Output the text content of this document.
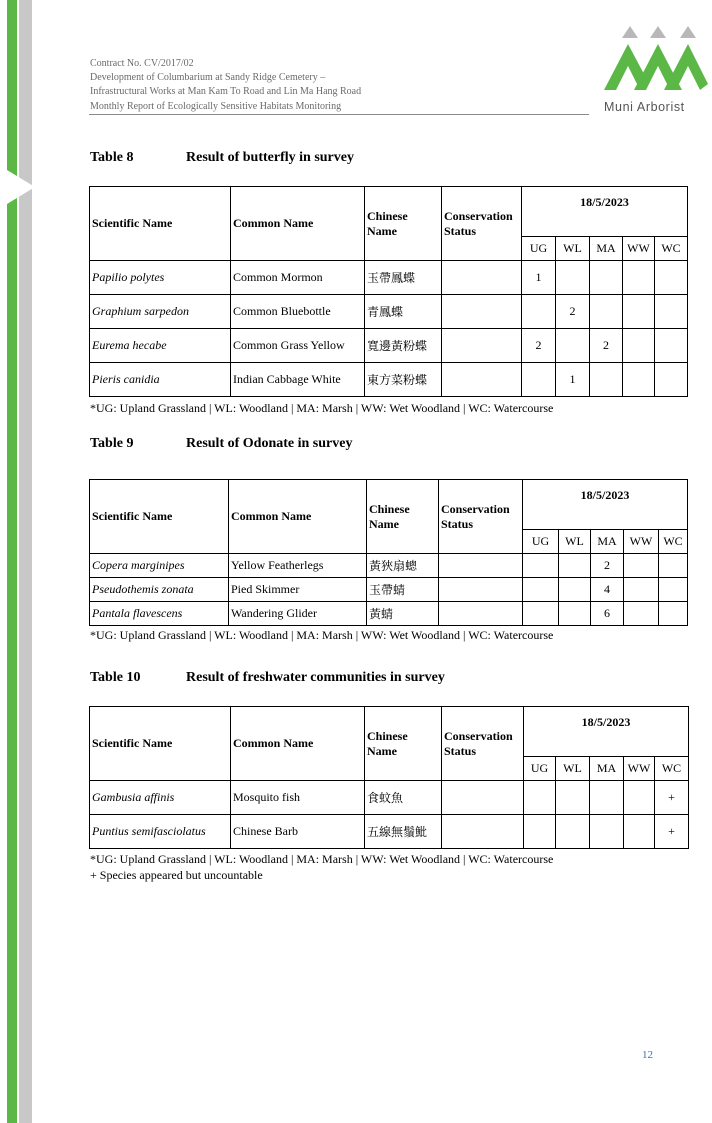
Contract No. CV/2017/02
Development of Columbarium at Sandy Ridge Cemetery –
Infrastructural Works at Man Kam To Road and Lin Ma Hang Road
Monthly Report of Ecologically Sensitive Habitats Monitoring	Muni Arborist
Table 8	Result of butterfly in survey
Scientific Name	Common Name	Chinese Name	Conservation Status	18/5/2023				
				UG	WL	MA	WW	WC
Papilio polytes	Common Mormon	玉帶鳳蝶		1				
Graphium sarpedon	Common Bluebottle	青鳳蝶			2			
Eurema hecabe	Common Grass Yellow	寬邊黃粉蝶		2		2		
Pieris canidia	Indian Cabbage White	東方菜粉蝶			1			
*UG: Upland Grassland | WL: Woodland | MA: Marsh | WW: Wet Woodland | WC: Watercourse
Table 9	Result of Odonate in survey
Scientific Name	Common Name	Chinese Name	Conservation Status	18/5/2023				
				UG	WL	MA	WW	WC
Copera marginipes	Yellow Featherlegs	黃狹扇蟌				2		
Pseudothemis zonata	Pied Skimmer	玉帶蜻				4		
Pantala flavescens	Wandering Glider	黃蜻				6		
*UG: Upland Grassland | WL: Woodland | MA: Marsh | WW: Wet Woodland | WC: Watercourse
Table 10	Result of freshwater communities in survey
Scientific Name	Common Name	Chinese Name	Conservation Status	18/5/2023				
				UG	WL	MA	WW	WC
Gambusia affinis	Mosquito fish	食蚊魚						+
Puntius semifasciolatus	Chinese Barb	五線無鬚魮						+
*UG: Upland Grassland | WL: Woodland | MA: Marsh | WW: Wet Woodland | WC: Watercourse
+ Species appeared but uncountable
12
